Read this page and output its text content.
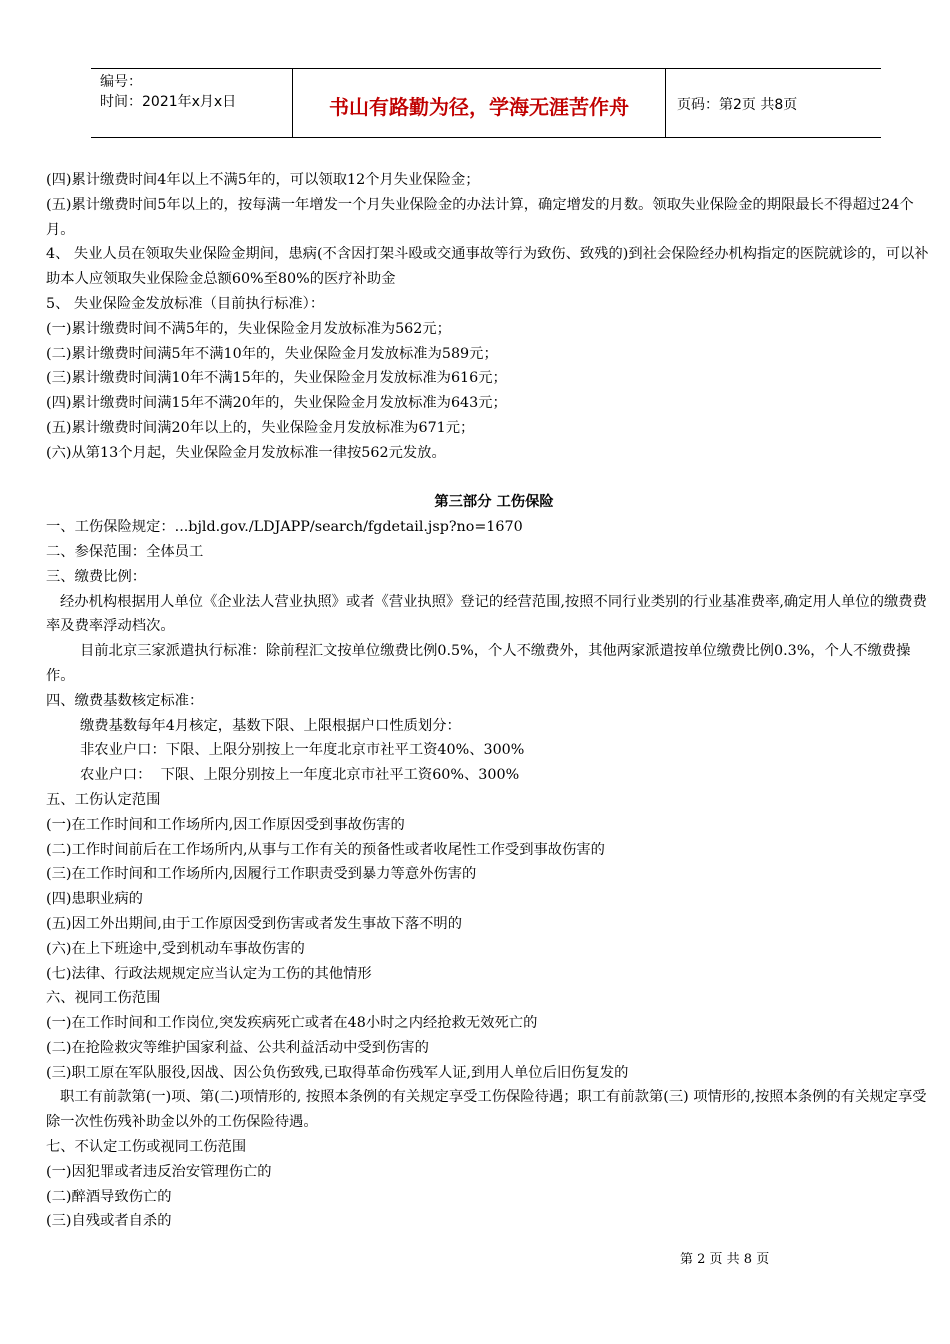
编号：
时间：2021年x月x日	书山有路勤为径，学海无涯苦作舟	页码：第2页 共8页
(四)累计缴费时间4年以上不满5年的，可以领取12个月失业保险金；
(五)累计缴费时间5年以上的，按每满一年增发一个月失业保险金的办法计算，确定增发的月数。领取失业保险金的期限最长不得超过24个月。
4、 失业人员在领取失业保险金期间，患病(不含因打架斗殴或交通事故等行为致伤、致残的)到社会保险经办机构指定的医院就诊的，可以补助本人应领取失业保险金总额60%至80%的医疗补助金
5、 失业保险金发放标准（目前执行标准）：
(一)累计缴费时间不满5年的，失业保险金月发放标准为562元；
(二)累计缴费时间满5年不满10年的，失业保险金月发放标准为589元；
(三)累计缴费时间满10年不满15年的，失业保险金月发放标准为616元；
(四)累计缴费时间满15年不满20年的，失业保险金月发放标准为643元；
(五)累计缴费时间满20年以上的，失业保险金月发放标准为671元；
(六)从第13个月起，失业保险金月发放标准一律按562元发放。
第三部分 工伤保险
一、工伤保险规定：...bjld.gov./LDJAPP/search/fgdetail.jsp?no=1670
二、参保范围：全体员工
三、缴费比例：
经办机构根据用人单位《企业法人营业执照》或者《营业执照》登记的经营范围,按照不同行业类别的行业基准费率,确定用人单位的缴费费率及费率浮动档次。
目前北京三家派遣执行标准：除前程汇文按单位缴费比例0.5%，个人不缴费外，其他两家派遣按单位缴费比例0.3%，个人不缴费操作。
四、缴费基数核定标准：
缴费基数每年4月核定，基数下限、上限根据户口性质划分：
非农业户口：下限、上限分别按上一年度北京市社平工资40%、300%
农业户口：  下限、上限分别按上一年度北京市社平工资60%、300%
五、工伤认定范围
(一)在工作时间和工作场所内,因工作原因受到事故伤害的
(二)工作时间前后在工作场所内,从事与工作有关的预备性或者收尾性工作受到事故伤害的
(三)在工作时间和工作场所内,因履行工作职责受到暴力等意外伤害的
(四)患职业病的
(五)因工外出期间,由于工作原因受到伤害或者发生事故下落不明的
(六)在上下班途中,受到机动车事故伤害的
(七)法律、行政法规规定应当认定为工伤的其他情形
六、视同工伤范围
(一)在工作时间和工作岗位,突发疾病死亡或者在48小时之内经抢救无效死亡的
(二)在抢险救灾等维护国家利益、公共利益活动中受到伤害的
(三)职工原在军队服役,因战、因公负伤致残,已取得革命伤残军人证,到用人单位后旧伤复发的
职工有前款第(一)项、第(二)项情形的, 按照本条例的有关规定享受工伤保险待遇；职工有前款第(三) 项情形的,按照本条例的有关规定享受除一次性伤残补助金以外的工伤保险待遇。
七、不认定工伤或视同工伤范围
(一)因犯罪或者违反治安管理伤亡的
(二)醉酒导致伤亡的
(三)自残或者自杀的
第 2 页 共 8 页
